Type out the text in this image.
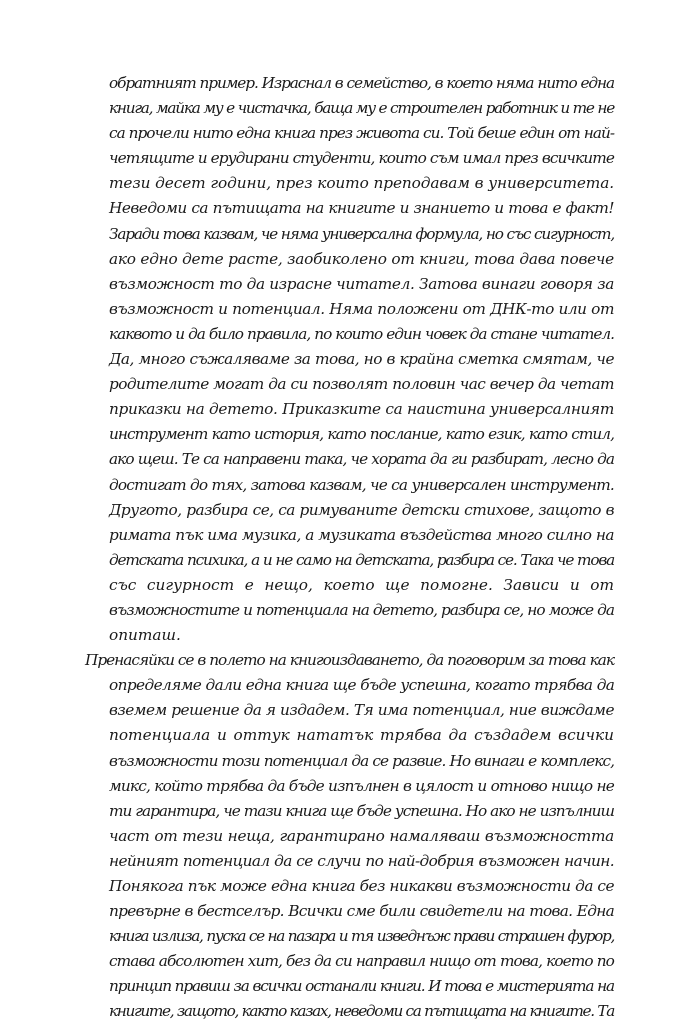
обратният пример. Израснал в семейство, в което няма нито една
книга, майка му е чистачка, баща му е строителен работник и те не
са прочели нито една книга през живота си. Той беше един от най-
четящите и ерудирани студенти, които съм имал през всичките
тези десет години, през които преподавам в университета.
Неведоми са пътищата на книгите и знанието и това е факт!
Заради това казвам, че няма универсална формула, но със сигурност,
ако едно дете расте, заобиколено от книги, това дава повече
възможност то да израсне читател. Затова винаги говоря за
възможност и потенциал. Няма положени от ДНК-то или от
каквото и да било правила, по които един човек да стане читател.
Да, много съжаляваме за това, но в крайна сметка смятам, че
родителите могат да си позволят половин час вечер да четат
приказки на детето. Приказките са наистина универсалният
инструмент като история, като послание, като език, като стил,
ако щеш. Те са направени така, че хората да ги разбират, лесно да
достигат до тях, затова казвам, че са универсален инструмент.
Другото, разбира се, са римуваните детски стихове, защото в
римата пък има музика, а музиката въздейства много силно на
детската психика, а и не само на детската, разбира се. Така че това
със сигурност е нещо, което ще помогне. Зависи и от
възможностите и потенциала на детето, разбира се, но може да
опиташ.
Пренасяйки се в полето на книгоиздаването, да поговорим за това как
определяме дали една книга ще бъде успешна, когато трябва да
вземем решение да я издадем. Тя има потенциал, ние виждаме
потенциала и оттук нататък трябва да създадем всички
възможности този потенциал да се развие. Но винаги е комплекс,
микс, който трябва да бъде изпълнен в цялост и отново нищо не
ти гарантира, че тази книга ще бъде успешна. Но ако не изпълниш
част от тези неща, гарантирано намаляваш възможността
нейният потенциал да се случи по най-добрия възможен начин.
Понякога пък може една книга без никакви възможности да се
превърне в бестселър. Всички сме били свидетели на това. Една
книга излиза, пуска се на пазара и тя изведнъж прави страшен фурор,
става абсолютен хит, без да си направил нищо от това, което по
принцип правиш за всички останали книги. И това е мистерията на
книгите, защото, както казах, неведоми са пътищата на книгите. Та
